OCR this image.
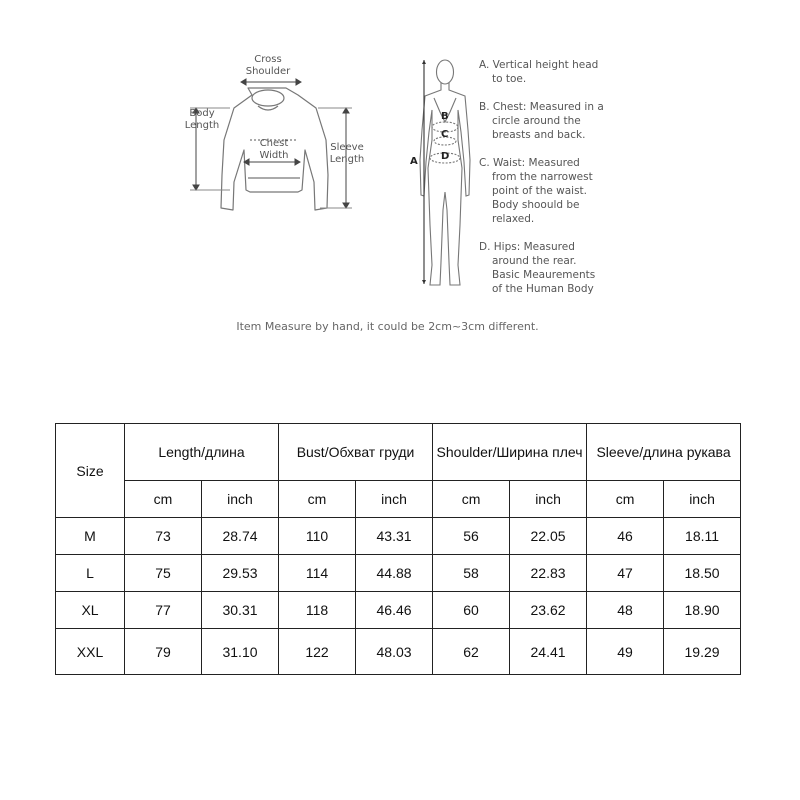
Cross
Shoulder
Body
Length
Chest
Width
Sleeve
Length	A
B
C
D
A. Vertical height head
to toe.
B. Chest: Measured in a
circle around the
breasts and back.
C. Waist: Measured
from the narrowest
point of the waist.
Body shoould be
relaxed.
D. Hips: Measured
around the rear.
Basic Meaurements
of the Human Body
Item Measure by hand, it could be 2cm~3cm different.
Size	Length/длина		Bust/Обхват груди		Shoulder/Ширина плеч		Sleeve/длина рукава	
	cm	inch	cm	inch	cm	inch	cm	inch
M	73	28.74	110	43.31	56	22.05	46	18.11
L	75	29.53	114	44.88	58	22.83	47	18.50
XL	77	30.31	118	46.46	60	23.62	48	18.90
XXL	79	31.10	122	48.03	62	24.41	49	19.29
